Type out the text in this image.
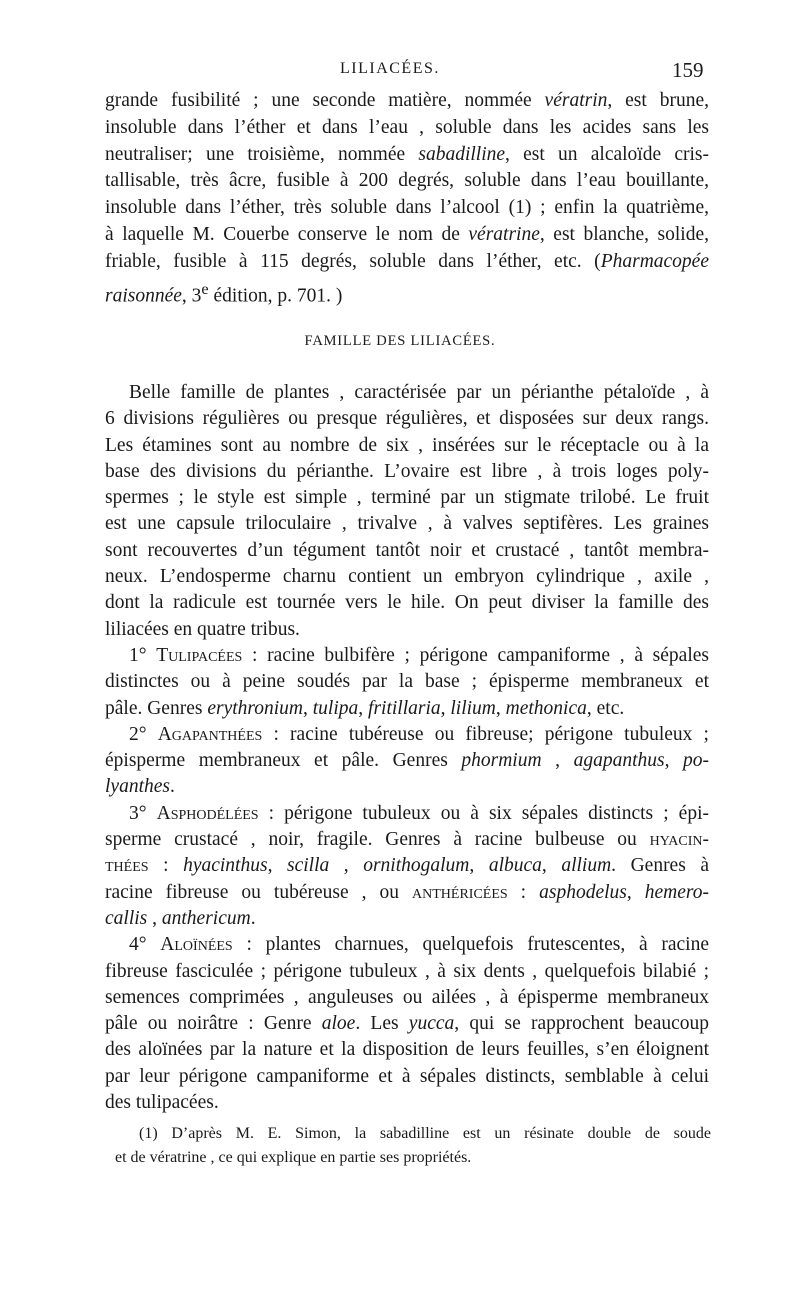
LILIACÉES.	159
grande fusibilité ; une seconde matière, nommée vératrin, est brune,
insoluble dans l’éther et dans l’eau , soluble dans les acides sans les
neutraliser; une troisième, nommée sabadilline, est un alcaloïde cris-
tallisable, très âcre, fusible à 200 degrés, soluble dans l’eau bouillante,
insoluble dans l’éther, très soluble dans l’alcool (1) ; enfin la quatrième,
à laquelle M. Couerbe conserve le nom de vératrine, est blanche, solide,
friable, fusible à 115 degrés, soluble dans l’éther, etc. (Pharmacopée
raisonnée, 3e édition, p. 701. )
FAMILLE DES LILIACÉES.
Belle famille de plantes , caractérisée par un périanthe pétaloïde , à
6 divisions régulières ou presque régulières, et disposées sur deux rangs.
Les étamines sont au nombre de six , insérées sur le réceptacle ou à la
base des divisions du périanthe. L’ovaire est libre , à trois loges poly-
spermes ; le style est simple , terminé par un stigmate trilobé. Le fruit
est une capsule triloculaire , trivalve , à valves septifères. Les graines
sont recouvertes d’un tégument tantôt noir et crustacé , tantôt membra-
neux. L’endosperme charnu contient un embryon cylindrique , axile ,
dont la radicule est tournée vers le hile. On peut diviser la famille des
liliacées en quatre tribus.
1° Tulipacées : racine bulbifère ; périgone campaniforme , à sépales
distinctes ou à peine soudés par la base ; épisperme membraneux et
pâle. Genres erythronium, tulipa, fritillaria, lilium, methonica, etc.
2° Agapanthées : racine tubéreuse ou fibreuse; périgone tubuleux ;
épisperme membraneux et pâle. Genres phormium , agapanthus, po-
lyanthes.
3° Asphodélées : périgone tubuleux ou à six sépales distincts ; épi-
sperme crustacé , noir, fragile. Genres à racine bulbeuse ou hyacin-
thées : hyacinthus, scilla , ornithogalum, albuca, allium. Genres à
racine fibreuse ou tubéreuse , ou anthéricées : asphodelus, hemero-
callis , anthericum.
4° Aloïnées : plantes charnues, quelquefois frutescentes, à racine
fibreuse fasciculée ; périgone tubuleux , à six dents , quelquefois bilabié ;
semences comprimées , anguleuses ou ailées , à épisperme membraneux
pâle ou noirâtre : Genre aloe. Les yucca, qui se rapprochent beaucoup
des aloïnées par la nature et la disposition de leurs feuilles, s’en éloignent
par leur périgone campaniforme et à sépales distincts, semblable à celui
des tulipacées.
(1) D’après M. E. Simon, la sabadilline est un résinate double de soude
et de vératrine , ce qui explique en partie ses propriétés.
